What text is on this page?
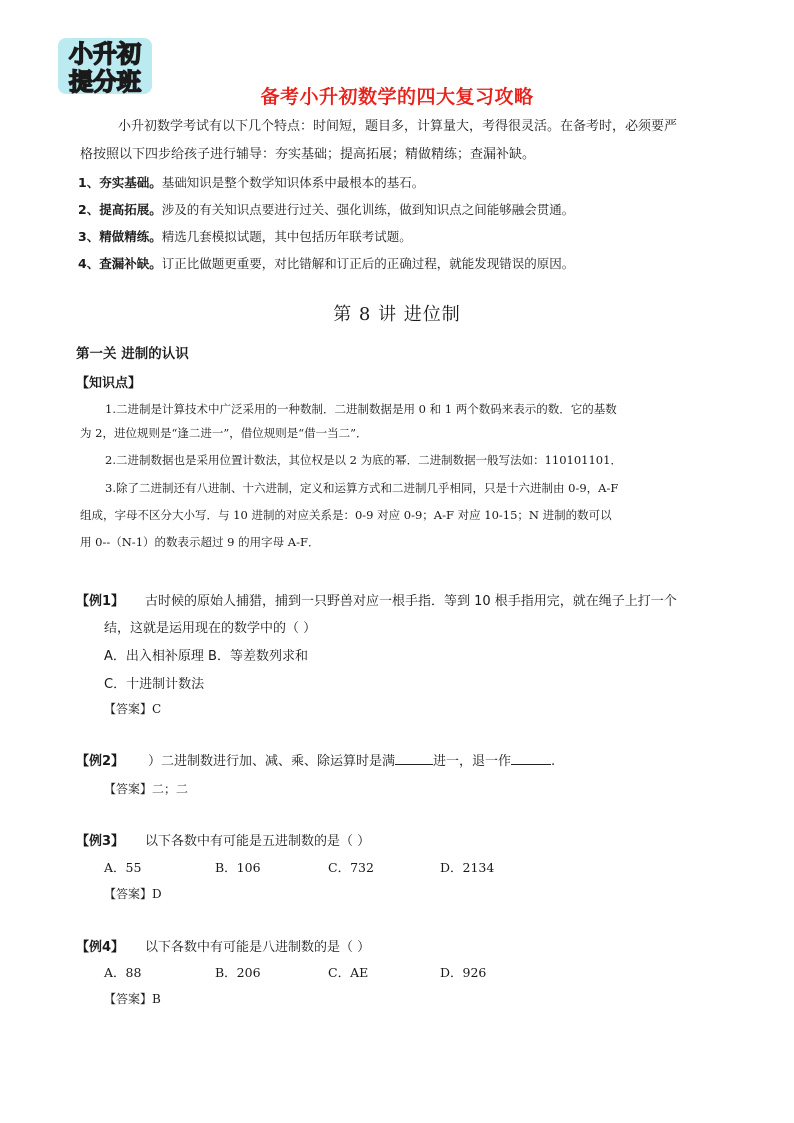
小升初
提分班
备考小升初数学的四大复习攻略
小升初数学考试有以下几个特点：时间短，题目多，计算量大，考得很灵活。在备考时，必须要严
格按照以下四步给孩子进行辅导：夯实基础；提高拓展；精做精练；查漏补缺。
1、夯实基础。基础知识是整个数学知识体系中最根本的基石。
2、提高拓展。涉及的有关知识点要进行过关、强化训练，做到知识点之间能够融会贯通。
3、精做精练。精选几套模拟试题，其中包括历年联考试题。
4、查漏补缺。订正比做题更重要，对比错解和订正后的正确过程，就能发现错误的原因。
第 8 讲 进位制
第一关 进制的认识
【知识点】
1.二进制是计算技术中广泛采用的一种数制．二进制数据是用 0 和 1 两个数码来表示的数．它的基数
为 2，进位规则是“逢二进一”，借位规则是“借一当二”．
2.二进制数据也是采用位置计数法，其位权是以 2 为底的幂．二进制数据一般写法如：110101101．
3.除了二进制还有八进制、十六进制，定义和运算方式和二进制几乎相同，只是十六进制由 0-9，A-F
组成，字母不区分大小写．与 10 进制的对应关系是：0-9 对应 0-9；A-F 对应 10-15；N 进制的数可以
用 0--（N-1）的数表示超过 9 的用字母 A-F．
【例1】 古时候的原始人捕猎，捕到一只野兽对应一根手指．等到 10 根手指用完，就在绳子上打一个
结，这就是运用现在的数学中的（ ）
A．出入相补原理 B．等差数列求和
C．十进制计数法
【答案】C
【例2】 ）二进制数进行加、减、乘、除运算时是满	进一，退一作	.
【答案】二；二
【例3】 以下各数中有可能是五进制数的是（ ）
A．55	B．106	C．732	D．2134
【答案】D
【例4】 以下各数中有可能是八进制数的是（ ）
A．88	B．206	C．AE	D．926
【答案】B
